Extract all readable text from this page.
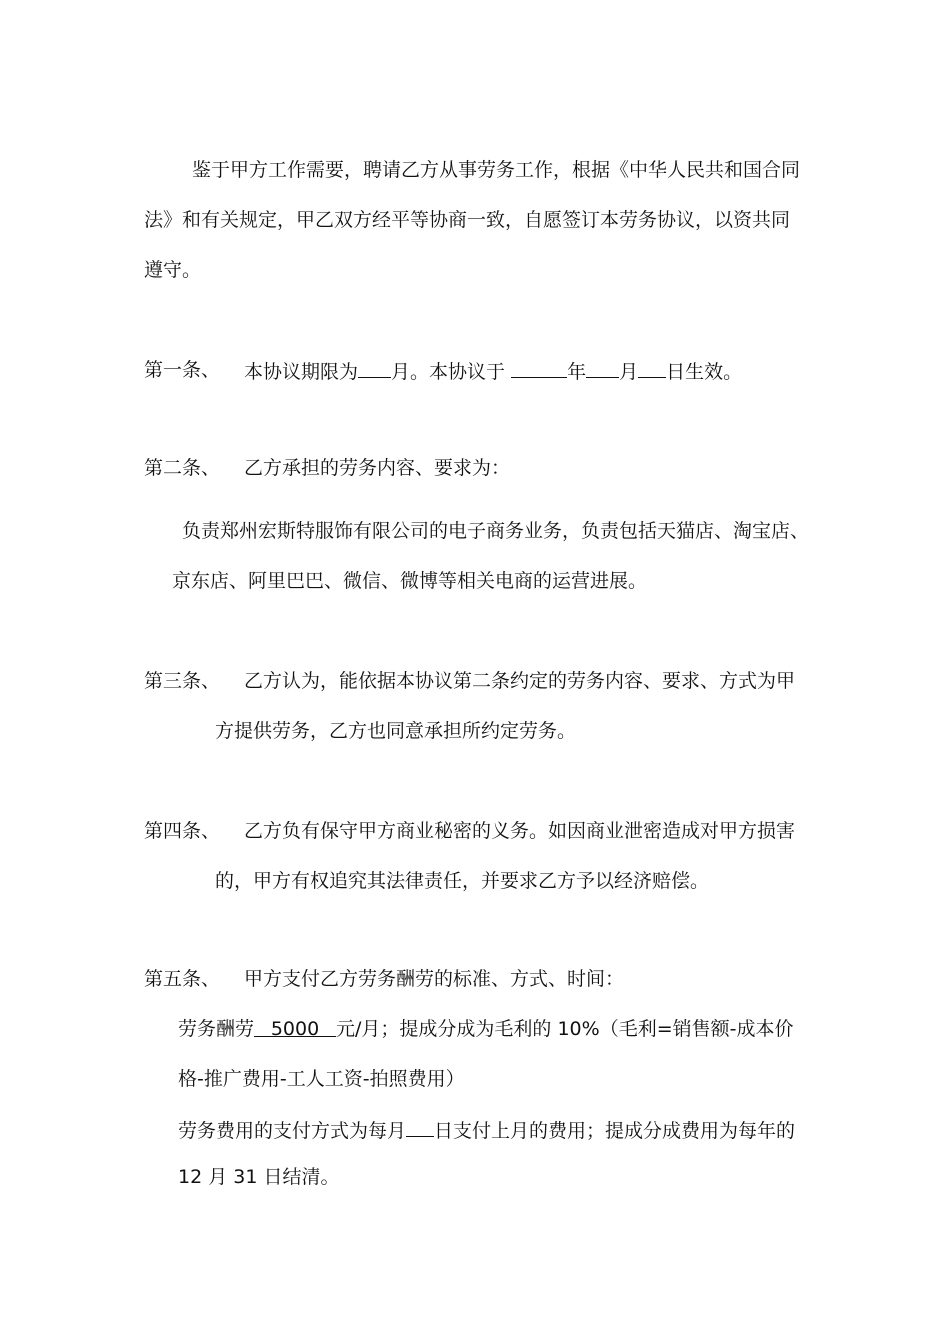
鉴于甲方工作需要，聘请乙方从事劳务工作，根据《中华人民共和国合同
法》和有关规定，甲乙双方经平等协商一致，自愿签订本劳务协议，以资共同
遵守。
第一条、 本协议期限为 月。本协议于	年 月 日生效。
第二条、 乙方承担的劳务内容、要求为：
负责郑州宏斯特服饰有限公司的电子商务业务，负责包括天猫店、淘宝店、
京东店、阿里巴巴、微信、微博等相关电商的运营进展。
第三条、 乙方认为，能依据本协议第二条约定的劳务内容、要求、方式为甲
方提供劳务，乙方也同意承担所约定劳务。
第四条、 乙方负有保守甲方商业秘密的义务。如因商业泄密造成对甲方损害
的，甲方有权追究其法律责任，并要求乙方予以经济赔偿。
第五条、 甲方支付乙方劳务酬劳的标准、方式、时间：
劳务酬劳 5000 元/月；提成分成为毛利的 10%（毛利=销售额-成本价
格-推广费用-工人工资-拍照费用）
劳务费用的支付方式为每月 日支付上月的费用；提成分成费用为每年的
12 月 31 日结清。
